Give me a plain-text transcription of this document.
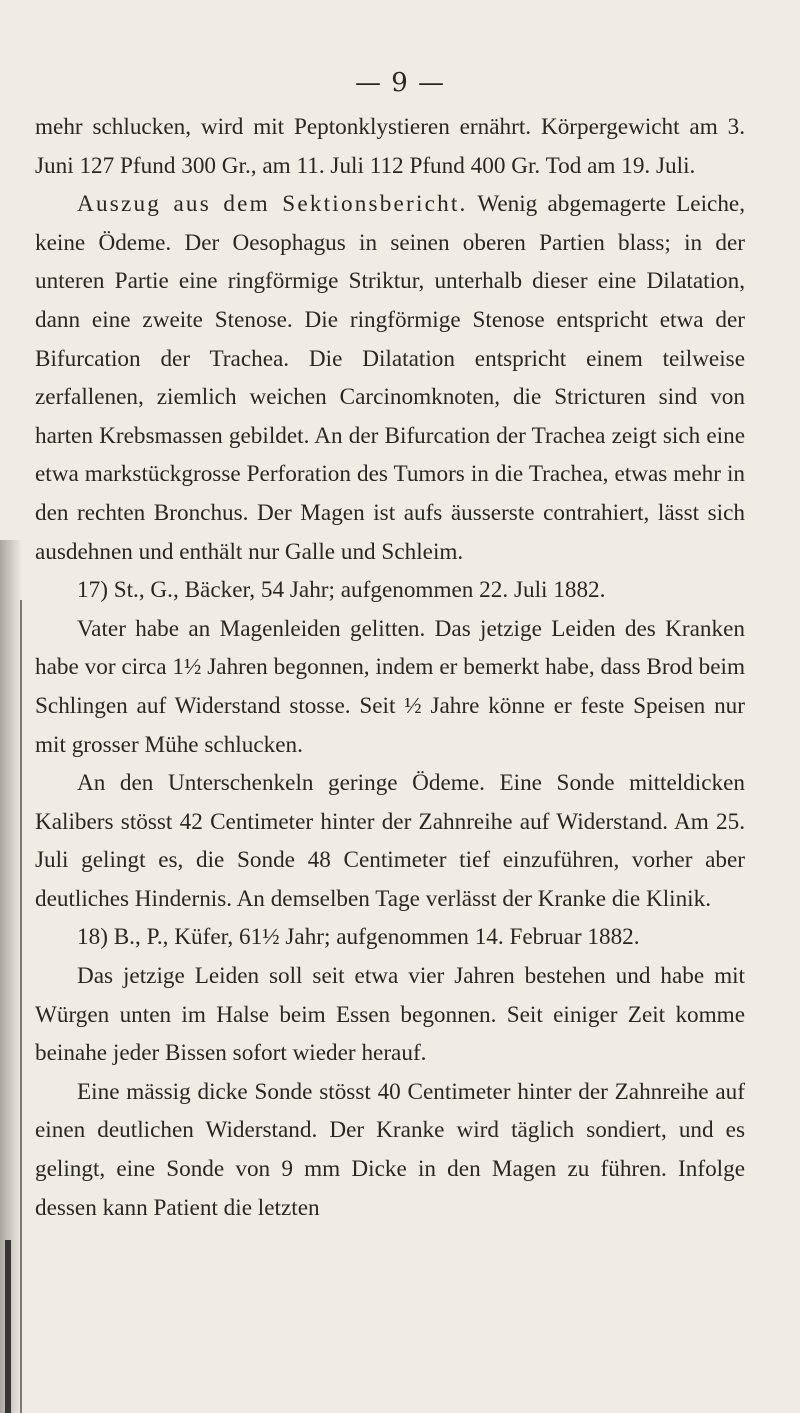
— 9 —

mehr schlucken, wird mit Peptonklystieren ernährt. Körpergewicht am 3. Juni 127 Pfund 300 Gr., am 11. Juli 112 Pfund 400 Gr. Tod am 19. Juli.

Auszug aus dem Sektionsbericht. Wenig abgemagerte Leiche, keine Ödeme. Der Oesophagus in seinen oberen Partien blass; in der unteren Partie eine ringförmige Striktur, unterhalb dieser eine Dilatation, dann eine zweite Stenose. Die ringförmige Stenose entspricht etwa der Bifurcation der Trachea. Die Dilatation entspricht einem teilweise zerfallenen, ziemlich weichen Carcinomknoten, die Stricturen sind von harten Krebsmassen gebildet. An der Bifurcation der Trachea zeigt sich eine etwa markstückgrosse Perforation des Tumors in die Trachea, etwas mehr in den rechten Bronchus. Der Magen ist aufs äusserste contrahiert, lässt sich ausdehnen und enthält nur Galle und Schleim.

17) St., G., Bäcker, 54 Jahr; aufgenommen 22. Juli 1882.

Vater habe an Magenleiden gelitten. Das jetzige Leiden des Kranken habe vor circa 1½ Jahren begonnen, indem er bemerkt habe, dass Brod beim Schlingen auf Widerstand stosse. Seit ½ Jahre könne er feste Speisen nur mit grosser Mühe schlucken.

An den Unterschenkeln geringe Ödeme. Eine Sonde mitteldicken Kalibers stösst 42 Centimeter hinter der Zahnreihe auf Widerstand. Am 25. Juli gelingt es, die Sonde 48 Centimeter tief einzuführen, vorher aber deutliches Hindernis. An demselben Tage verlässt der Kranke die Klinik.

18) B., P., Küfer, 61½ Jahr; aufgenommen 14. Februar 1882.

Das jetzige Leiden soll seit etwa vier Jahren bestehen und habe mit Würgen unten im Halse beim Essen begonnen. Seit einiger Zeit komme beinahe jeder Bissen sofort wieder herauf.

Eine mässig dicke Sonde stösst 40 Centimeter hinter der Zahnreihe auf einen deutlichen Widerstand. Der Kranke wird täglich sondiert, und es gelingt, eine Sonde von 9 mm Dicke in den Magen zu führen. Infolge dessen kann Patient die letzten
